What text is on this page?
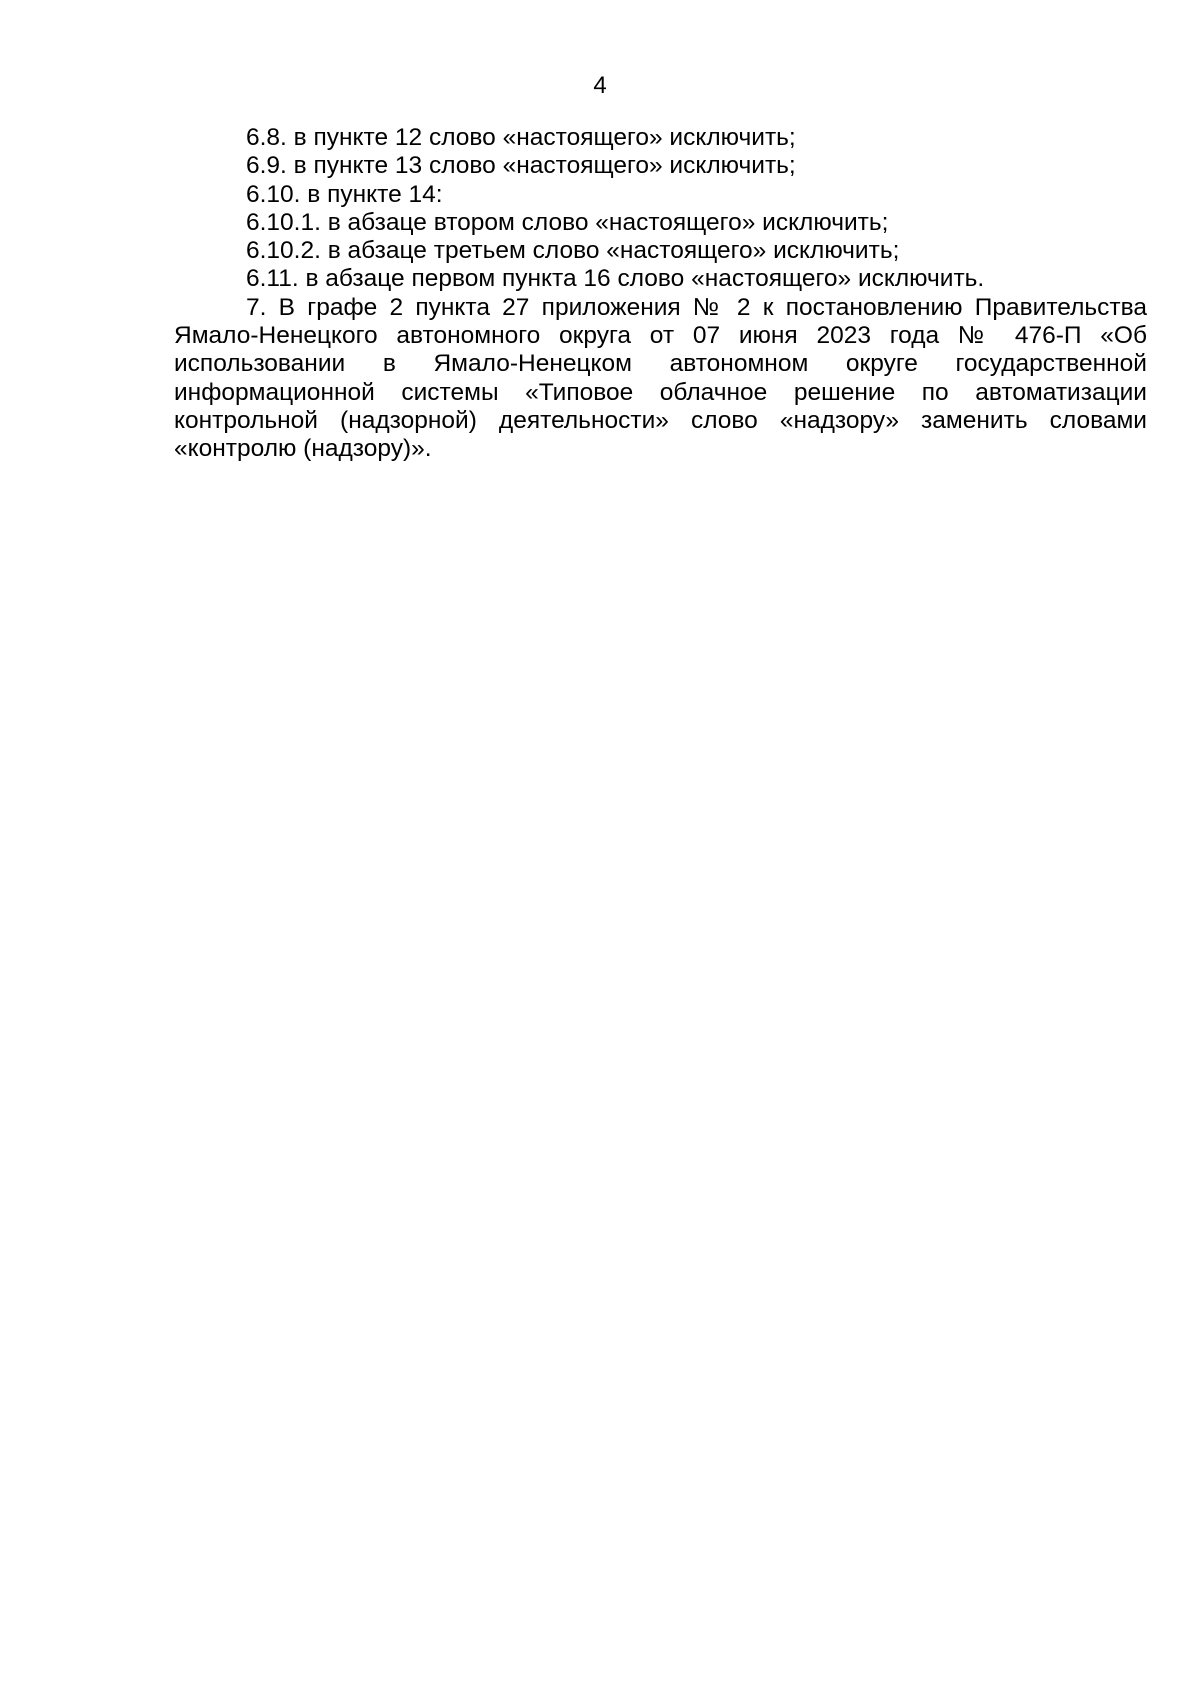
4

6.8. в пункте 12 слово «настоящего» исключить;

6.9. в пункте 13 слово «настоящего» исключить;

6.10. в пункте 14:

6.10.1. в абзаце втором слово «настоящего» исключить;

6.10.2. в абзаце третьем слово «настоящего» исключить;

6.11. в абзаце первом пункта 16 слово «настоящего» исключить.

7. В графе 2 пункта 27 приложения № 2 к постановлению Правительства Ямало-Ненецкого автономного округа от 07 июня 2023 года № 476-П «Об использовании в Ямало-Ненецком автономном округе государственной информационной системы «Типовое облачное решение по автоматизации контрольной (надзорной) деятельности» слово «надзору» заменить словами «контролю (надзору)».
